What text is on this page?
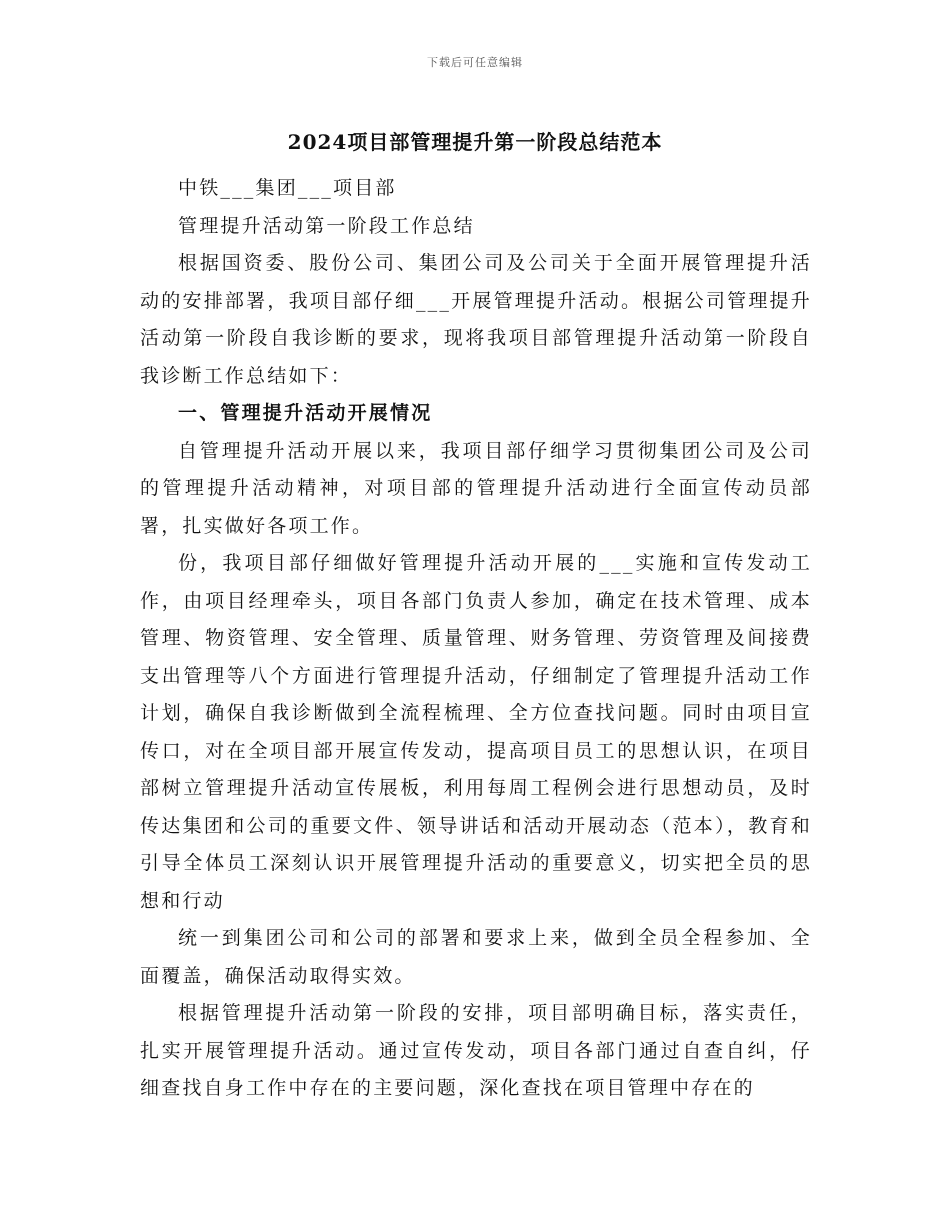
下载后可任意编辑
2024项目部管理提升第一阶段总结范本

中铁___集团___项目部

管理提升活动第一阶段工作总结

根据国资委、股份公司、集团公司及公司关于全面开展管理提升活动的安排部署，我项目部仔细___开展管理提升活动。根据公司管理提升活动第一阶段自我诊断的要求，现将我项目部管理提升活动第一阶段自我诊断工作总结如下：

一、管理提升活动开展情况

自管理提升活动开展以来，我项目部仔细学习贯彻集团公司及公司的管理提升活动精神，对项目部的管理提升活动进行全面宣传动员部署，扎实做好各项工作。

份，我项目部仔细做好管理提升活动开展的___实施和宣传发动工作，由项目经理牵头，项目各部门负责人参加，确定在技术管理、成本管理、物资管理、安全管理、质量管理、财务管理、劳资管理及间接费支出管理等八个方面进行管理提升活动，仔细制定了管理提升活动工作计划，确保自我诊断做到全流程梳理、全方位查找问题。同时由项目宣传口，对在全项目部开展宣传发动，提高项目员工的思想认识，在项目部树立管理提升活动宣传展板，利用每周工程例会进行思想动员，及时传达集团和公司的重要文件、领导讲话和活动开展动态（范本），教育和引导全体员工深刻认识开展管理提升活动的重要意义，切实把全员的思想和行动

统一到集团公司和公司的部署和要求上来，做到全员全程参加、全面覆盖，确保活动取得实效。

根据管理提升活动第一阶段的安排，项目部明确目标，落实责任，扎实开展管理提升活动。通过宣传发动，项目各部门通过自查自纠，仔细查找自身工作中存在的主要问题，深化查找在项目管理中存在的
